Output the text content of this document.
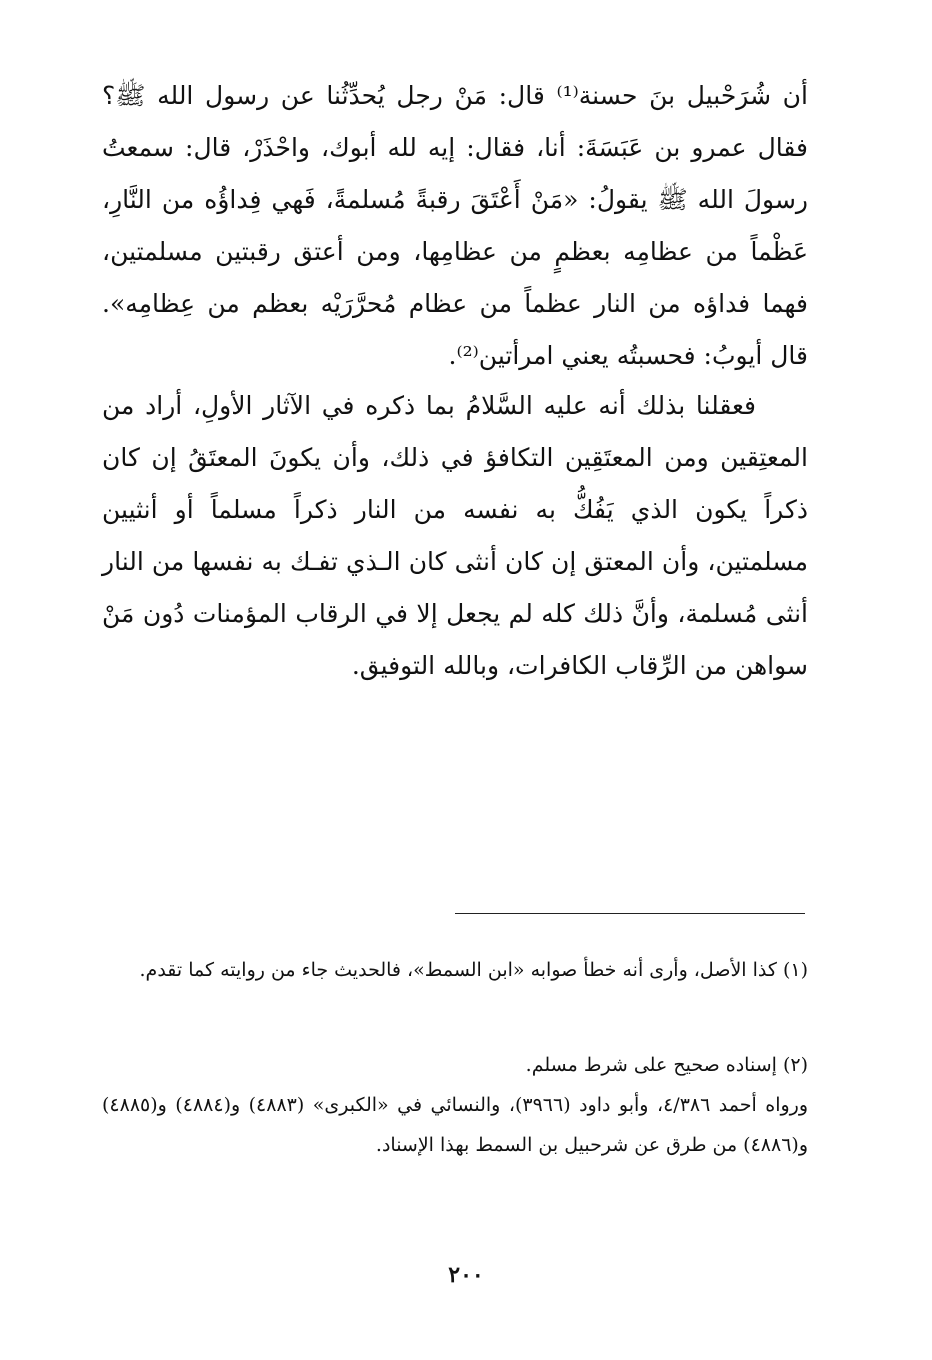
أن شُرَحْبيل بنَ حسنة⁽¹⁾ قال: مَنْ رجل يُحدِّثُنا عن رسول الله ﷺ؟ فقال عمرو بن عَبَسَةَ: أنا، فقال: إيه لله أبوك، واحْذَرْ، قال: سمعتُ رسولَ الله ﷺ يقولُ: «مَنْ أَعْتَقَ رقبةً مُسلمةً، فَهي فِداؤُه من النَّارِ، عَظْماً من عظامِه بعظمٍ من عظامِها، ومن أعتق رقبتين مسلمتين، فهما فداؤه من النار عظماً من عظام مُحرَّرَيْه بعظم من عِظامِه». قال أيوبُ: فحسبتُه يعني امرأتين⁽²⁾.

فعقلنا بذلك أنه عليه السَّلامُ بما ذكره في الآثار الأولِ، أراد من المعتِقين ومن المعتَقِين التكافؤ في ذلك، وأن يكونَ المعتَقُ إن كان ذكراً يكون الذي يَفُكُّ به نفسه من النار ذكراً مسلماً أو أنثيين مسلمتين، وأن المعتق إن كان أنثى كان الـذي تفـك به نفسها من النار أنثى مُسلمة، وأنَّ ذلك كله لم يجعل إلا في الرقاب المؤمنات دُون مَنْ سواهن من الرِّقاب الكافرات، وبالله التوفيق.

(١) كذا الأصل، وأرى أنه خطأ صوابه «ابن السمط»، فالحديث جاء من روايته كما تقدم.

(٢) إسناده صحيح على شرط مسلم.

ورواه أحمد ٤/٣٨٦، وأبو داود (٣٩٦٦)، والنسائي في «الكبرى» (٤٨٨٣) و(٤٨٨٤) و(٤٨٨٥) و(٤٨٨٦) من طرق عن شرحبيل بن السمط بهذا الإسناد.

٢٠٠
